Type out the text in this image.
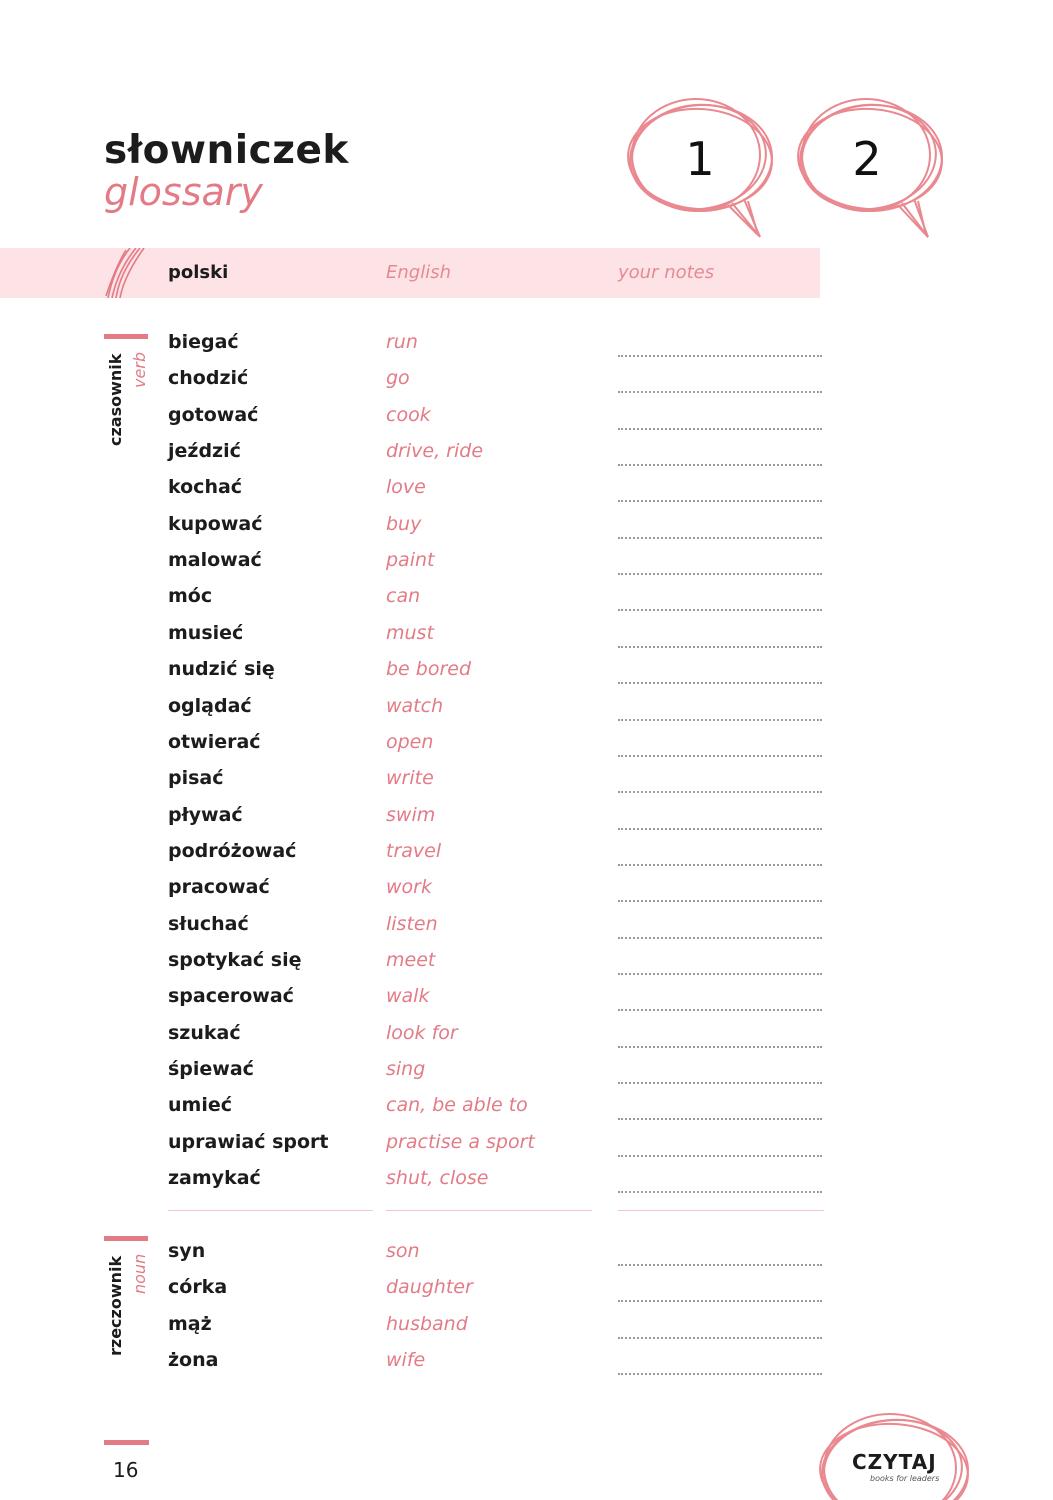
słowniczek
glossary
1	2
polski	English	your notes
czasownik verb
rzeczownik noun
biegać	run
chodzić	go
gotować	cook
jeździć	drive, ride
kochać	love
kupować	buy
malować	paint
móc	can
musieć	must
nudzić się	be bored
oglądać	watch
otwierać	open
pisać	write
pływać	swim
podróżować	travel
pracować	work
słuchać	listen
spotykać się	meet
spacerować	walk
szukać	look for
śpiewać	sing
umieć	can, be able to
uprawiać sport	practise a sport
zamykać	shut, close
syn	son
córka	daughter
mąż	husband
żona	wife
16	CZYTAJ
books for leaders
